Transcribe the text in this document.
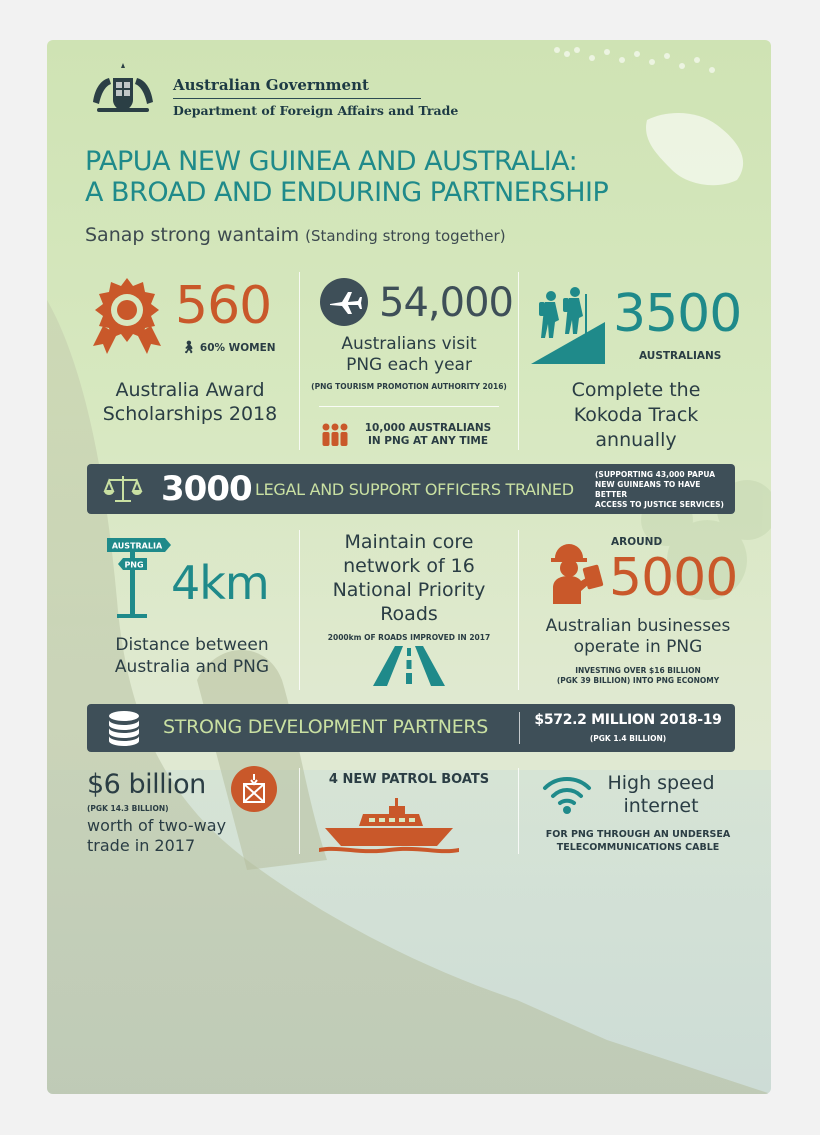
Australian Government
Department of Foreign Affairs and Trade
PAPUA NEW GUINEA AND AUSTRALIA:
A BROAD AND ENDURING PARTNERSHIP
Sanap strong wantaim (Standing strong together)
560
🚶︎ 60% WOMEN
Australia Award
Scholarships 2018
54,000
Australians visit
PNG each year
(PNG TOURISM PROMOTION AUTHORITY 2016)
10,000 AUSTRALIANS
IN PNG AT ANY TIME
3500
AUSTRALIANS
Complete the
Kokoda Track
annually
3000 LEGAL AND SUPPORT OFFICERS TRAINED
(SUPPORTING 43,000 PAPUA
NEW GUINEANS TO HAVE BETTER
ACCESS TO JUSTICE SERVICES)
AUSTRALIA
PNG 4km
Distance between
Australia and PNG
Maintain core
network of 16
National Priority
Roads
2000km OF ROADS IMPROVED IN 2017
AROUND
5000
Australian businesses
operate in PNG
INVESTING OVER $16 BILLION
(PGK 39 BILLION) INTO PNG ECONOMY
STRONG DEVELOPMENT PARTNERS	$572.2 MILLION 2018-19
(PGK 1.4 BILLION)
$6 billion
(PGK 14.3 BILLION)
worth of two-way
trade in 2017
4 NEW PATROL BOATS	High speed
internet
FOR PNG THROUGH AN UNDERSEA
TELECOMMUNICATIONS CABLE
